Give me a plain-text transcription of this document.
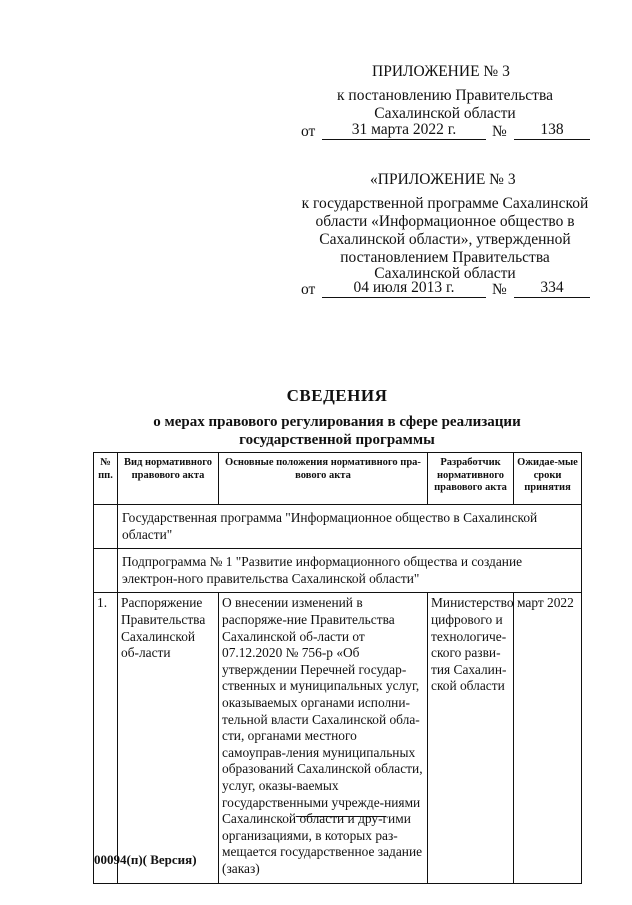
ПРИЛОЖЕНИЕ № 3
к постановлению Правительства
Сахалинской области
от	31 марта 2022 г.	№	138
«ПРИЛОЖЕНИЕ № 3
к государственной программе Сахалинской
области «Информационное общество в
Сахалинской области», утвержденной
постановлением Правительства
Сахалинской области
от	04 июля 2013 г.	№	334
СВЕДЕНИЯ
о мерах правового регулирования в сфере реализации
государственной программы
№ пп.	Вид нормативного правового акта	Основные положения нормативного пра-вового акта	Разработчик нормативного правового акта	Ожидае-мые сроки принятия
	Государственная программа "Информационное общество в Сахалинской области"			
	Подпрограмма № 1 "Развитие информационного общества и создание электрон-ного правительства Сахалинской области"			
1.	Распоряжение Правительства Сахалинской об-ласти	О внесении изменений в распоряже-ние Правительства Сахалинской об-ласти от 07.12.2020 № 756-р «Об утверждении Перечней государ-ственных и муниципальных услуг, оказываемых органами исполни-тельной власти Сахалинской обла-сти, органами местного самоуправ-ления муниципальных образований Сахалинской области, услуг, оказы-ваемых государственными учрежде-ниями Сахалинской области и дру-гими организациями, в которых раз-мещается государственное задание (заказ)	Министерство цифрового и технологиче-ского разви-тия Сахалин-ской области	март 2022
00094(п)( Версия)
